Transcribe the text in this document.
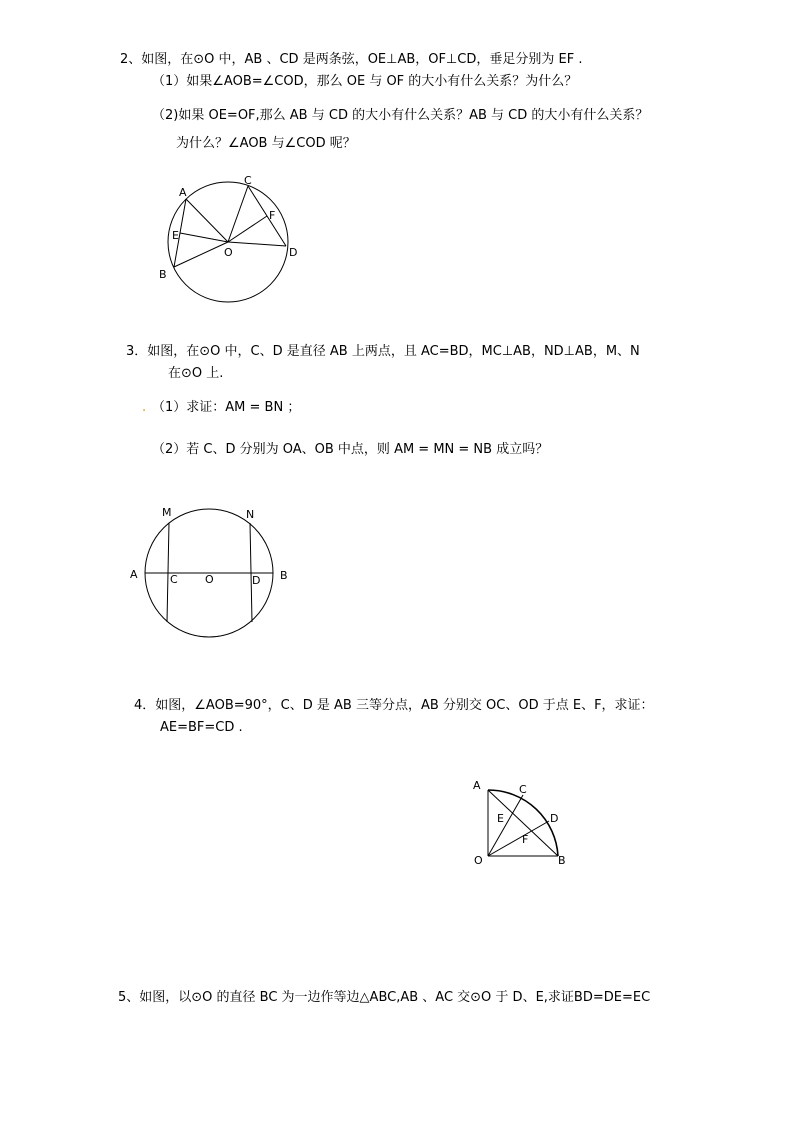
2、如图，在⊙O 中，AB 、CD 是两条弦，OE⊥AB，OF⊥CD，垂足分别为 EF .
（1）如果∠AOB=∠COD，那么 OE 与 OF 的大小有什么关系？为什么？
（2)如果 OE=OF,那么 AB 与 CD 的大小有什么关系？AB 与 CD 的大小有什么关系？
为什么？∠AOB 与∠COD 呢？
A
B
C
D
E
F
O
3．如图，在⊙O 中，C、D 是直径 AB 上两点，且 AC=BD，MC⊥AB，ND⊥AB，M、N
在⊙O 上.
. （1）求证：AM = BN ；
（2）若 C、D 分别为 OA、OB 中点，则 AM = MN = NB 成立吗？
M	N
A	B
C O	D
4．如图，∠AOB=90°，C、D 是 AB 三等分点，AB 分别交 OC、OD 于点 E、F，求证：
AE=BF=CD .
A	C
D
E
F
O	B
5、如图，以⊙O 的直径 BC 为一边作等边△ABC,AB 、AC 交⊙O 于 D、E,求证BD=DE=EC
